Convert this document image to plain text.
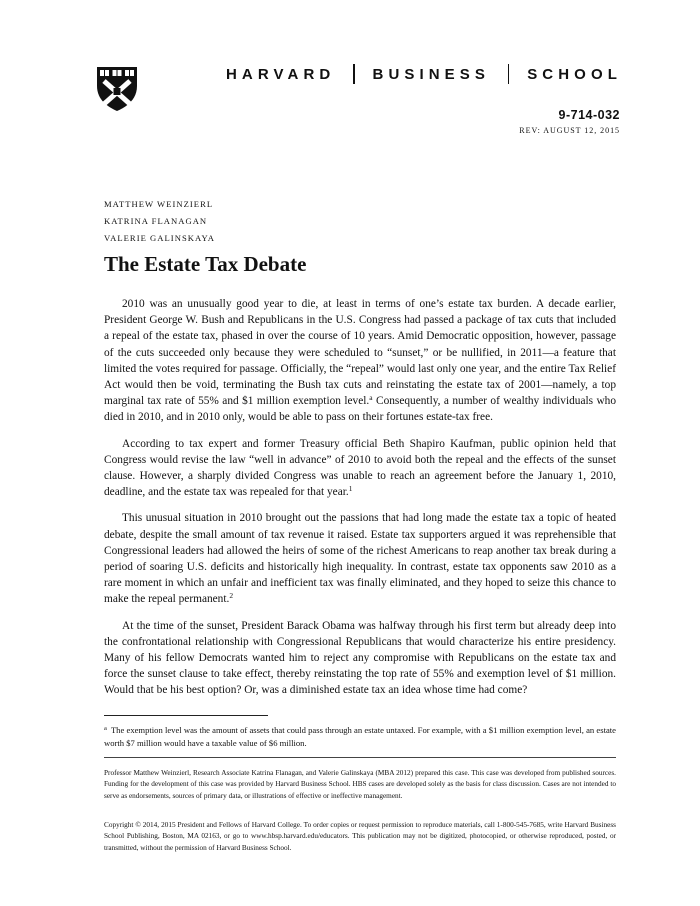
HARVARD BUSINESS SCHOOL
9-714-032
REV: AUGUST 12, 2015
MATTHEW WEINZIERL
KATRINA FLANAGAN
VALERIE GALINSKAYA
The Estate Tax Debate

2010 was an unusually good year to die, at least in terms of one’s estate tax burden. A decade earlier, President George W. Bush and Republicans in the U.S. Congress had passed a package of tax cuts that included a repeal of the estate tax, phased in over the course of 10 years. Amid Democratic opposition, however, passage of the cuts succeeded only because they were scheduled to “sunset,” or be nullified, in 2011—a feature that limited the votes required for passage. Officially, the “repeal” would last only one year, and the entire Tax Relief Act would then be void, terminating the Bush tax cuts and reinstating the estate tax of 2001—namely, a top marginal tax rate of 55% and $1 million exemption level.$^a$ Consequently, a number of wealthy individuals who died in 2010, and in 2010 only, would be able to pass on their fortunes estate-tax free.

According to tax expert and former Treasury official Beth Shapiro Kaufman, public opinion held that Congress would revise the law “well in advance” of 2010 to avoid both the repeal and the effects of the sunset clause. However, a sharply divided Congress was unable to reach an agreement before the January 1, 2010, deadline, and the estate tax was repealed for that year.$^1$

This unusual situation in 2010 brought out the passions that had long made the estate tax a topic of heated debate, despite the small amount of tax revenue it raised. Estate tax supporters argued it was reprehensible that Congressional leaders had allowed the heirs of some of the richest Americans to reap another tax break during a period of soaring U.S. deficits and historically high inequality. In contrast, estate tax opponents saw 2010 as a rare moment in which an unfair and inefficient tax was finally eliminated, and they hoped to seize this chance to make the repeal permanent.$^2$

At the time of the sunset, President Barack Obama was halfway through his first term but already deep into the confrontational relationship with Congressional Republicans that would characterize his entire presidency. Many of his fellow Democrats wanted him to reject any compromise with Republicans on the estate tax and force the sunset clause to take effect, thereby reinstating the top rate of 55% and exemption level of $1 million. Would that be his best option? Or, was a diminished estate tax an idea whose time had come?

$^a$ The exemption level was the amount of assets that could pass through an estate untaxed. For example, with a $1 million exemption level, an estate worth $7 million would have a taxable value of $6 million.

Professor Matthew Weinzierl, Research Associate Katrina Flanagan, and Valerie Galinskaya (MBA 2012) prepared this case. This case was developed from published sources. Funding for the development of this case was provided by Harvard Business School. HBS cases are developed solely as the basis for class discussion. Cases are not intended to serve as endorsements, sources of primary data, or illustrations of effective or ineffective management.

Copyright © 2014, 2015 President and Fellows of Harvard College. To order copies or request permission to reproduce materials, call 1-800-545-7685, write Harvard Business School Publishing, Boston, MA 02163, or go to www.hbsp.harvard.edu/educators. This publication may not be digitized, photocopied, or otherwise reproduced, posted, or transmitted, without the permission of Harvard Business School.
